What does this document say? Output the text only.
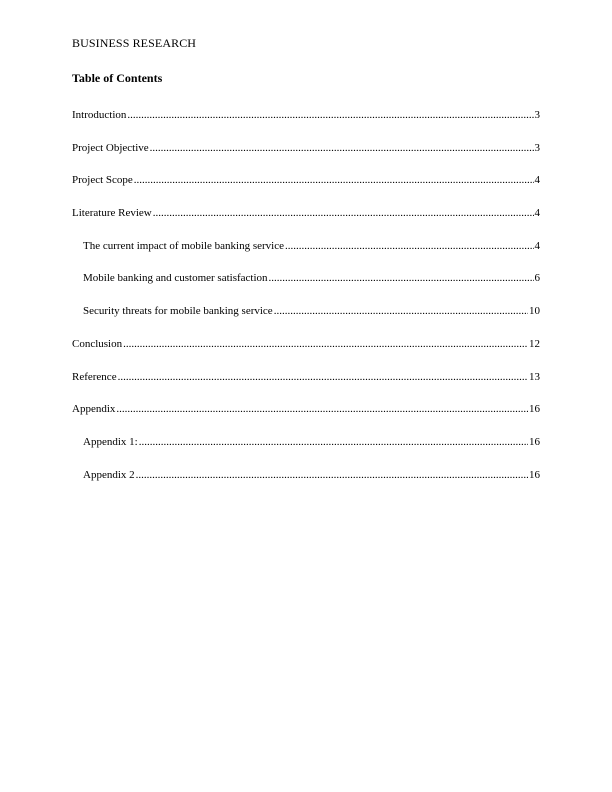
BUSINESS RESEARCH
Table of Contents
Introduction .....	3
Project Objective .....	3
Project Scope .....	4
Literature Review .....	4
The current impact of mobile banking service .....	4
Mobile banking and customer satisfaction .....	6
Security threats for mobile banking service .....	10
Conclusion .....	12
Reference .....	13
Appendix .....	16
Appendix 1: .....	16
Appendix 2 .....	16
